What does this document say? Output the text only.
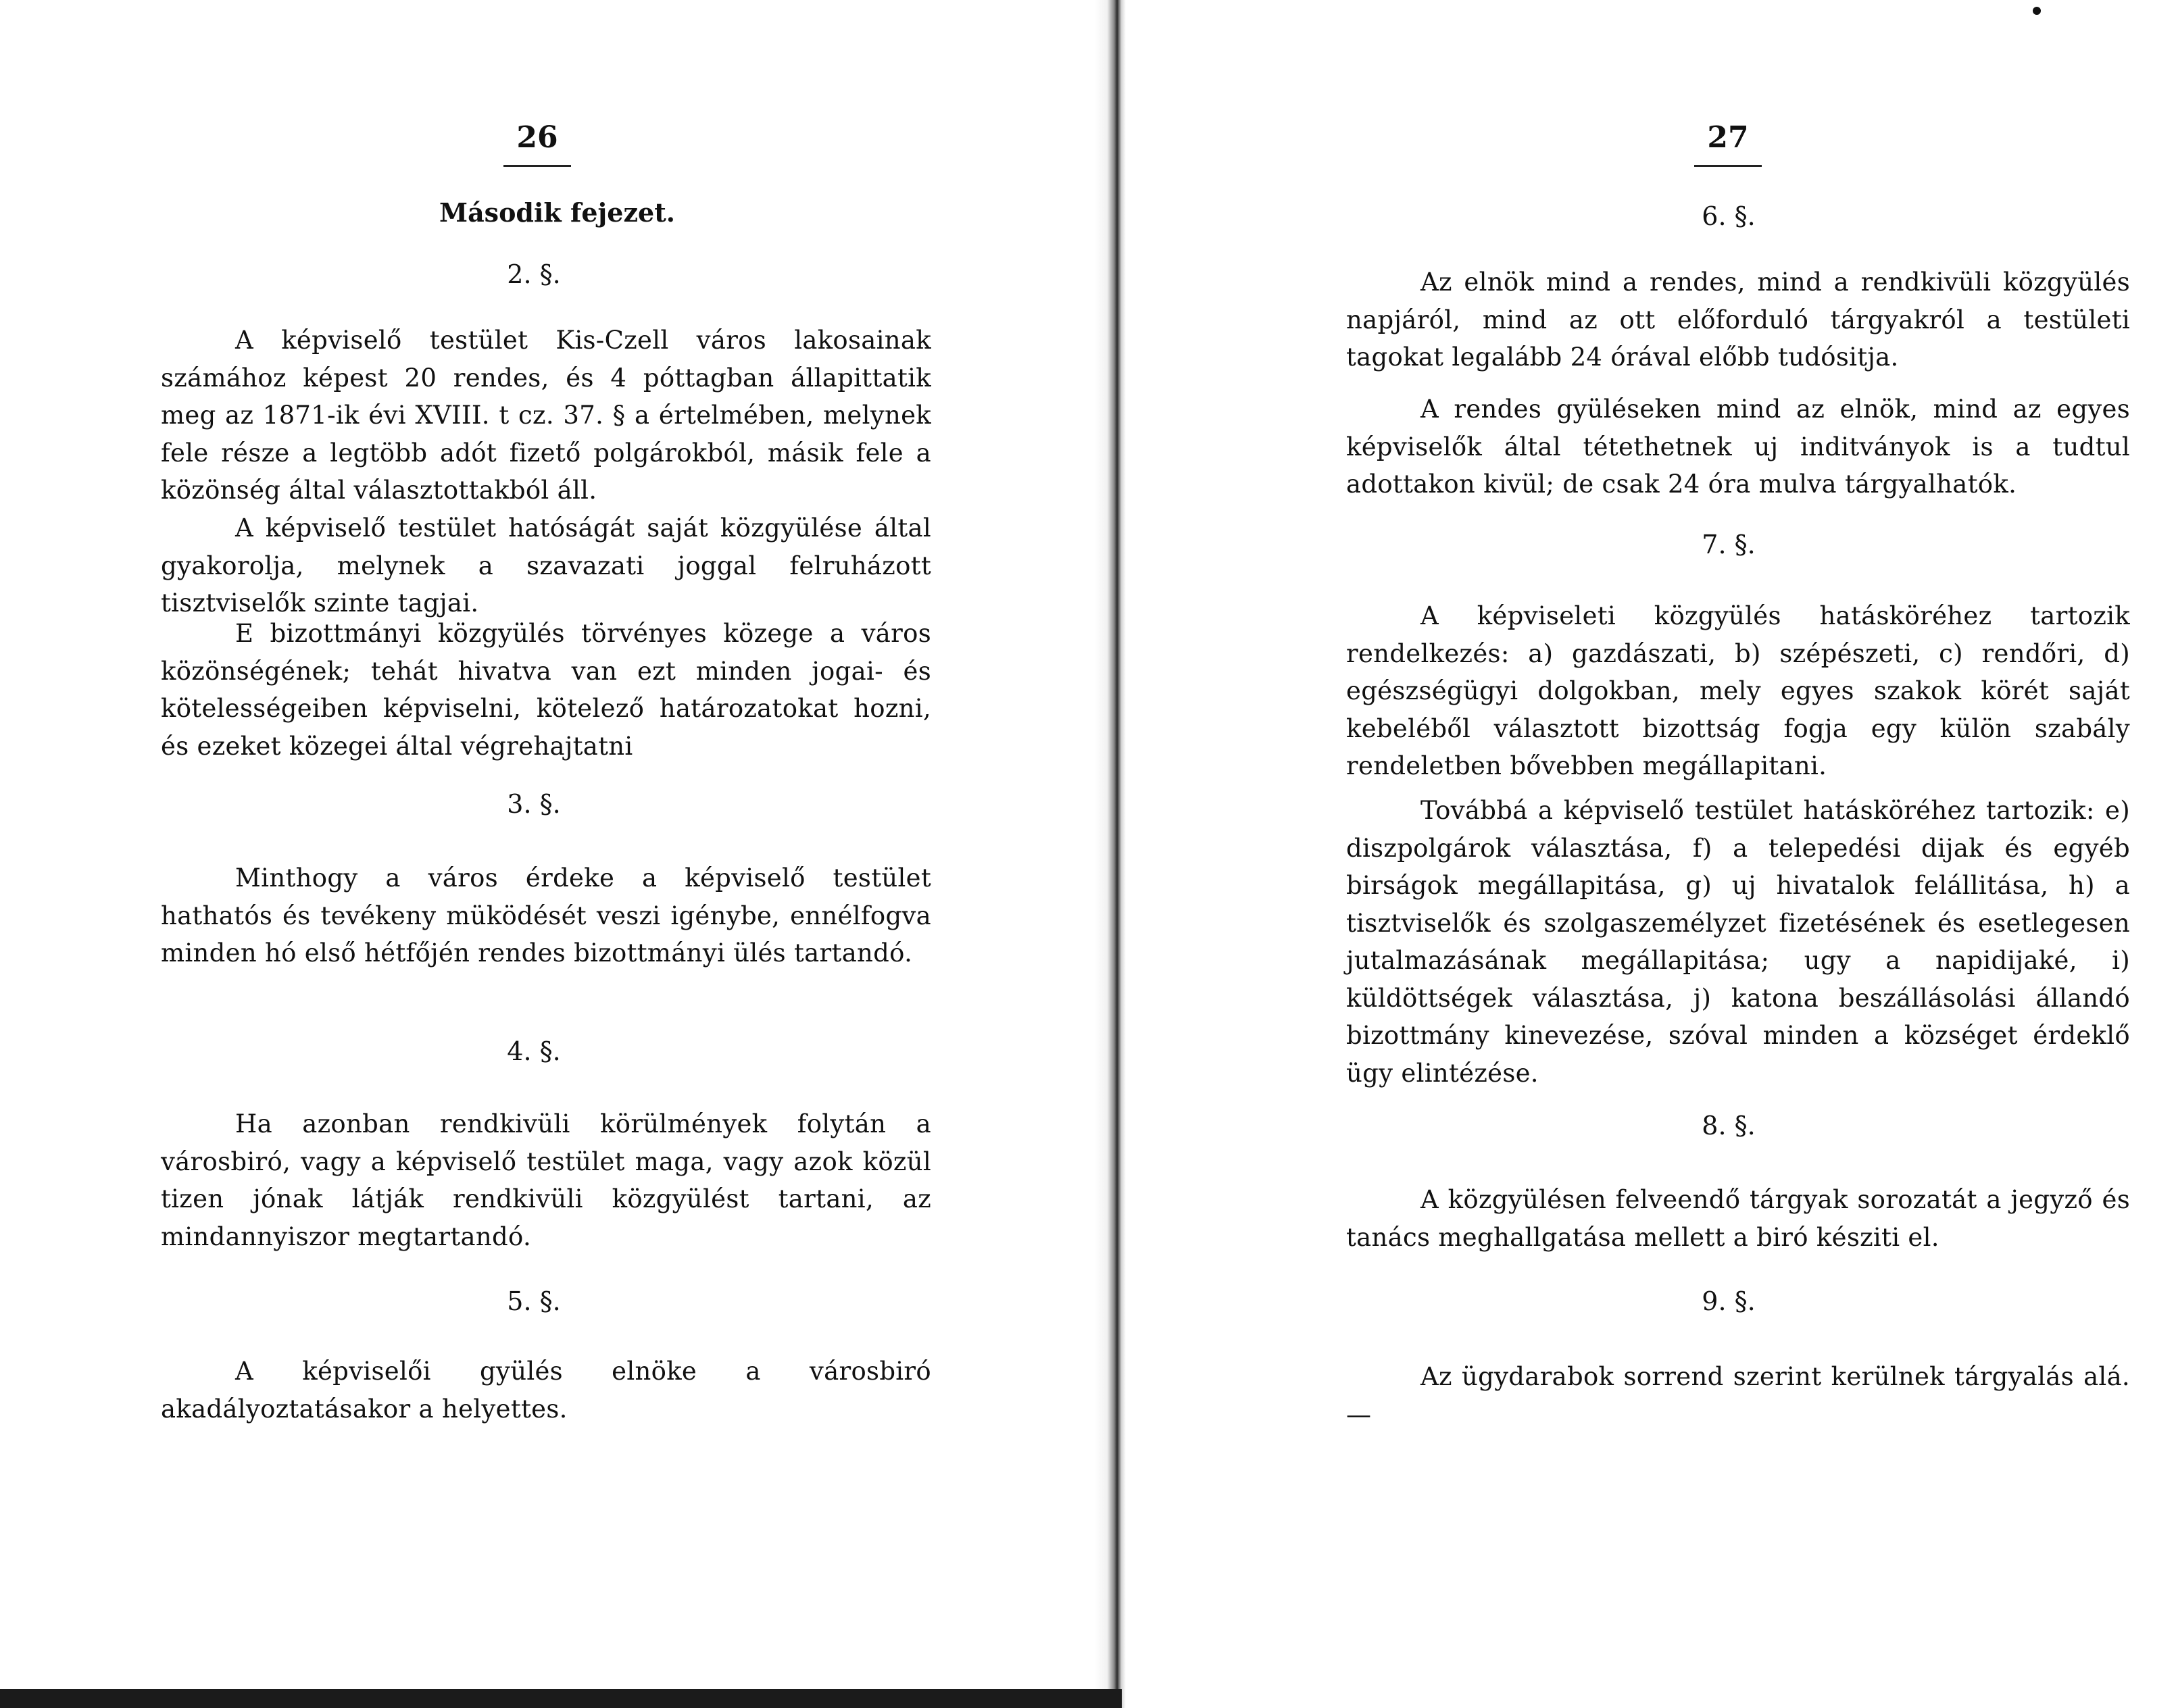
26
Második fejezet.
2. §.
A képviselő testület Kis-Czell város lakosainak számához képest 20 rendes, és 4 póttagban állapittatik meg az 1871-ik évi XVIII. t cz. 37. § a értelmében, melynek fele része a legtöbb adót fizető polgárokból, másik fele a közönség által választottakból áll.
A képviselő testület hatóságát saját közgyülése által gyakorolja, melynek a szavazati joggal felruházott tisztviselők szinte tagjai.
E bizottmányi közgyülés törvényes közege a város közönségének; tehát hivatva van ezt minden jogai- és kötelességeiben képviselni, kötelező határozatokat hozni, és ezeket közegei által végrehajtatni
3. §.
Minthogy a város érdeke a képviselő testület hathatós és tevékeny müködését veszi igénybe, ennélfogva minden hó első hétfőjén rendes bizottmányi ülés tartandó.
4. §.
Ha azonban rendkivüli körülmények folytán a városbiró, vagy a képviselő testület maga, vagy azok közül tizen jónak látják rendkivüli közgyülést tartani, az mindannyiszor megtartandó.
5. §.
A képviselői gyülés elnöke a városbiró akadályoztatásakor a helyettes.
27
6. §.
Az elnök mind a rendes, mind a rendkivüli közgyülés napjáról, mind az ott előforduló tárgyakról a testületi tagokat legalább 24 órával előbb tudósitja.
A rendes gyüléseken mind az elnök, mind az egyes képviselők által tétethetnek uj inditványok is a tudtul adottakon kivül; de csak 24 óra mulva tárgyalhatók.
7. §.
A képviseleti közgyülés hatásköréhez tartozik rendelkezés: a) gazdászati, b) szépészeti, c) rendőri, d) egészségügyi dolgokban, mely egyes szakok körét saját kebeléből választott bizottság fogja egy külön szabály rendeletben bővebben megállapitani.
Továbbá a képviselő testület hatásköréhez tartozik: e) diszpolgárok választása, f) a telepedési dijak és egyéb birságok megállapitása, g) uj hivatalok felállitása, h) a tisztviselők és szolgaszemélyzet fizetésének és esetlegesen jutalmazásának megállapitása; ugy a napidijaké, i) küldöttségek választása, j) katona beszállásolási állandó bizottmány kinevezése, szóval minden a községet érdeklő ügy elintézése.
8. §.
A közgyülésen felveendő tárgyak sorozatát a jegyző és tanács meghallgatása mellett a biró késziti el.
9. §.
Az ügydarabok sorrend szerint kerülnek tárgyalás alá. —
